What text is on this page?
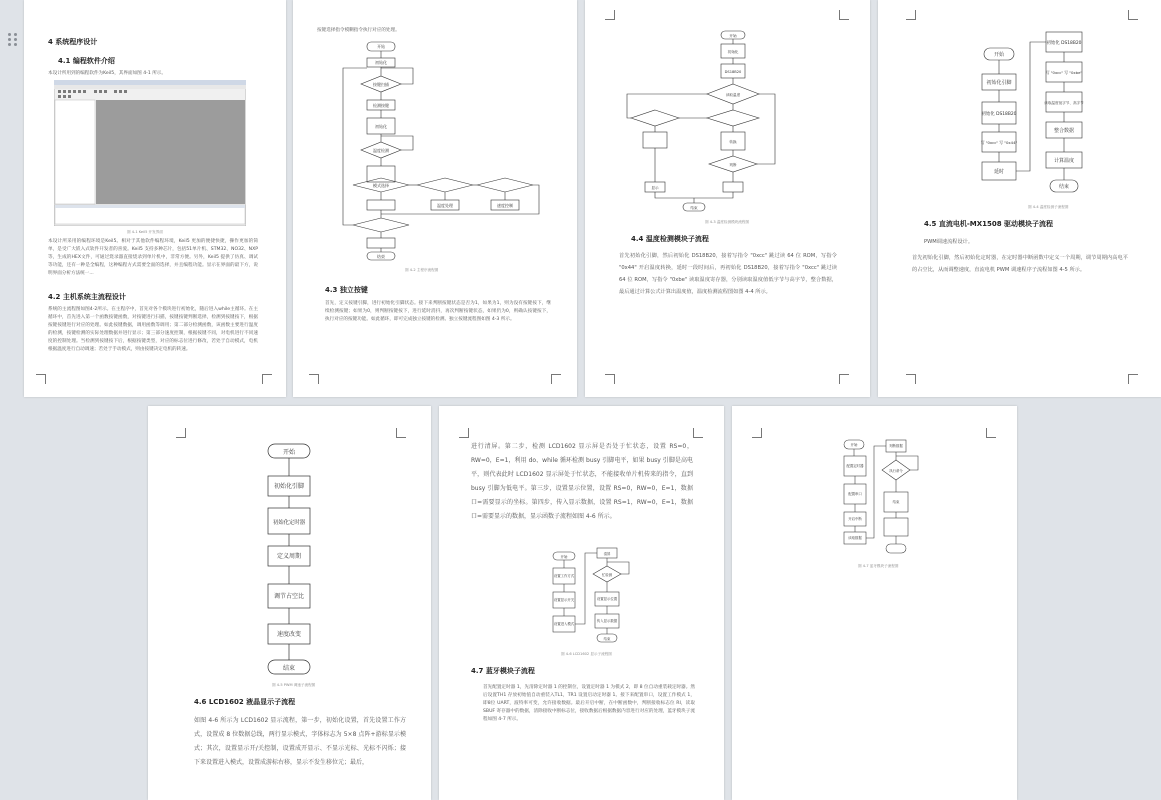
4 系统程序设计
4.1 编程软件介绍
本设计所用到的编程软件为Keil5，其界面如图 4-1 所示。
图 4-1 Keil5 开发界面
本设计所采用的编程环境是Keil5。相对于其他软件编程环境，Keil5 更加的便捷快捷，操作更加的简单，是受广大嵌入式软件开发者的喜爱。Keil5 支持多种芯片，包括51单片机、STM32、NO32、NXP 等，生成的HEX文件，可通过烧录器直接烧录到单片机中，非常方便。另外，Keil5 提供了仿真、调试等功能，还有一种是全编程，这种编程方式需要全面的选择，并且编程功能。显示在界面的最下方，说明界面分析方法统一...
4.2 主机系统主流程设计
系统的主流程图如图4-2所示。在主程序中，首先对各个模块进行初始化，随后进入while主循环。在主循环中，首先进入第一个函数按键函数，对按键进行扫描，按键按键判断选择，检测到按键按下，根据按键按键进行对应的处理。如此按键数据，调用函数等调用；第二部分检测函数，该函数主要进行温度的检测，按键检测的实际处理数据并进行显示；第三部分速度控制，根据按键不同，对电机进行不同速度的控制处理。当检测到按键按下后，根据按键类型，对应的标志位进行修改，若处于自动模式，电机根据温度进行自动调速；若处于手动模式，则由按键决定电机的转速。
按键选择指令模糊指令执行对应的处理。
开始
初始化
按键扫描
检测按键
初始化
温度检测
模式选择
温度处理	速度控制
结束
图 4-2 主程序流程图
4.3 独立按键
首先，定义按键引脚，进行初始化引脚状态。接下来判断按键状态是否为1，如果为1，则为没有按键按下，继续检测按键；如果为0，则判断按键按下，进行延时消抖，再次判断按键状态，如果仍为0，则确认按键按下，执行对应的按键功能。如此循环，即可完成独立按键的检测。独立按键流程图如图 4-3 所示。
开始
初始化
DS18B20
读取温度
转换
判断
显示
结束
图 4-3 温度检测模块流程图
4.4 温度检测模块子流程
首先初始化引脚，然后初始化 DS18B20，接着写指令 "0xcc" 跳过读 64 位 ROM，写指令 "0x44" 开启温度转换，延时一段时间后，再初始化 DS18B20，接着写指令 "0xcc" 跳过读 64 位 ROM，写指令 "0xbe" 读取温度寄存器，分别读取温度值低字节与高字节，整合数据，最后通过计算公式计算出温度值，温度检测流程图如图 4-4 所示。
开始
初始化引脚
初始化 DS18B20
写 "0xcc" 写 "0x44"
延时
初始化 DS18B20
写 "0xcc" 写 "0xbe"
读取温度低字节、高字节
整合数据
计算温度
结束
图 4-4 温度检测子流程图
4.5 直流电机-MX1508 驱动模块子流程
PWM调速流程设计。
首先初始化引脚，然后初始化定时器，在定时器中断函数中定义一个周期，调节周期内高电平的占空比，从而调整速度，直流电机 PWM 调速程序子流程如图 4-5 所示。
开始
初始化引脚
初始化定时器
定义周期
调节占空比
速度改变
结束
图 4-5 PWM 调速子流程图
4.6 LCD1602 液晶显示子流程
如图 4-6 所示为 LCD1602 显示流程，第一步，初始化设置，首先设置工作方式，设置成 8 位数据总线，两行显示模式，字体标志为 5×8 点阵+游标显示模式；其次，设置显示开/关控制，设置成开显示、不显示光标、光标不闪烁；接下来设置进入模式，设置成游标右移，显示不发生移位元；最后，
进行清屏。第二步，检测 LCD1602 显示屏是否处于忙状态，设置 RS=0，RW=0，E=1，利用 do、while 循环检测 busy 引脚电平，如果 busy 引脚是高电平，则代表此时 LCD1602 显示屏处于忙状态，不能接收单片机传来的指令，直到 busy 引脚为低电平。第三步，设置显示位置，设置 RS=0，RW=0，E=1，数据口=需要显示的坐标。第四步，传入显示数据，设置 RS=1，RW=0，E=1，数据口=需要显示的数据，显示函数子流程如图 4-6 所示。
开始
设置工作方式
设置显示开关
设置进入模式
清屏
忙检测
设置显示位置
传入显示数据
结束
图 4-6 LCD1602 显示子流程图
4.7 蓝牙模块子流程
首先配置定时器 1，先清除定时器 1 的控制位，设置定时器 1 为模式 2，即 8 位自动重装载定时器。然后设置TH1 存放初始值自动重装入TL1，TR1 设置启动定时器 1。接下来配置串口，设置工作模式 1，即8位 UART，波特率可变，允许接收数据。最后开启中断，在中断函数中，判断接收标志位 RI，读取 SBUF 寄存器中的数据，清除接收中断标志位，接收数据后根据数据内容进行对应的处理，蓝牙模块子流程如图 4-7 所示。
开始
配置定时器
配置串口
开启中断
读取数据
判断数据
执行命令
结束
图 4-7 蓝牙模块子流程图
